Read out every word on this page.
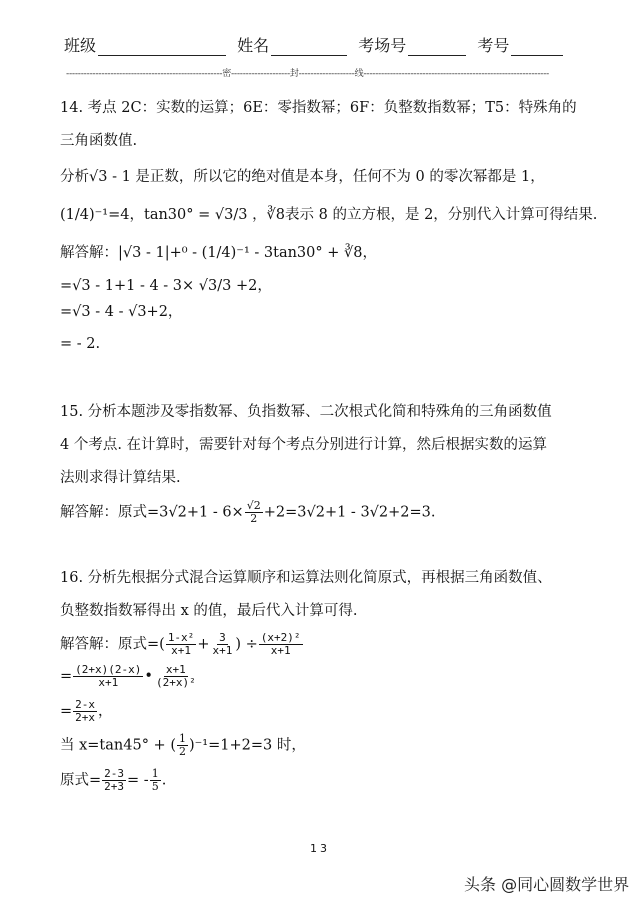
班级	姓名	考场号	考号
-----------------------------------------------------密--------------------封-------------------线---------------------------------------------------------------
14. 考点 2C：实数的运算；6E：零指数幂；6F：负整数指数幂；T5：特殊角的
三角函数值.
分析√3 - 1 是正数，所以它的绝对值是本身，任何不为 0 的零次幂都是 1，
(1/4)⁻¹=4，tan30° = √3/3 ，∛8表示 8 的立方根，是 2，分别代入计算可得结果.
解答解：|√3 - 1|+⁰ - (1/4)⁻¹ - 3tan30° + ∛8，
=√3 - 1+1 - 4 - 3× √3/3 +2，
=√3 - 4 - √3+2，
= - 2.
15. 分析本题涉及零指数幂、负指数幂、二次根式化简和特殊角的三角函数值
4 个考点. 在计算时，需要针对每个考点分别进行计算，然后根据实数的运算
法则求得计算结果.
解答解：原式$=3√2+1 - 6\times \frac{√2}{2} +2=3√2+1 - 3√2+2=3$.
16. 分析先根据分式混合运算顺序和运算法则化简原式，再根据三角函数值、
负整数指数幂得出 x 的值，最后代入计算可得.
解答解：原式=( $\frac{\text{1-x²}}{x+1} + \frac{3}{x+1}$ ) ÷ $\frac{\text{(x+2)²}}{x+1}$
= $\frac{(2+x)(2-x)}{x+1}$ • $\frac{x+1}{\text{(2+x)²}}$
= $\frac{2-x}{2+x}$ ，
当 x=tan45° + ( $\frac{1}{2} )^{-1}=1+2=3$ 时，
原式= $\frac{2-3}{2+3}$ = - $\frac{1}{5}$ .
13
头条 @同心圆数学世界
